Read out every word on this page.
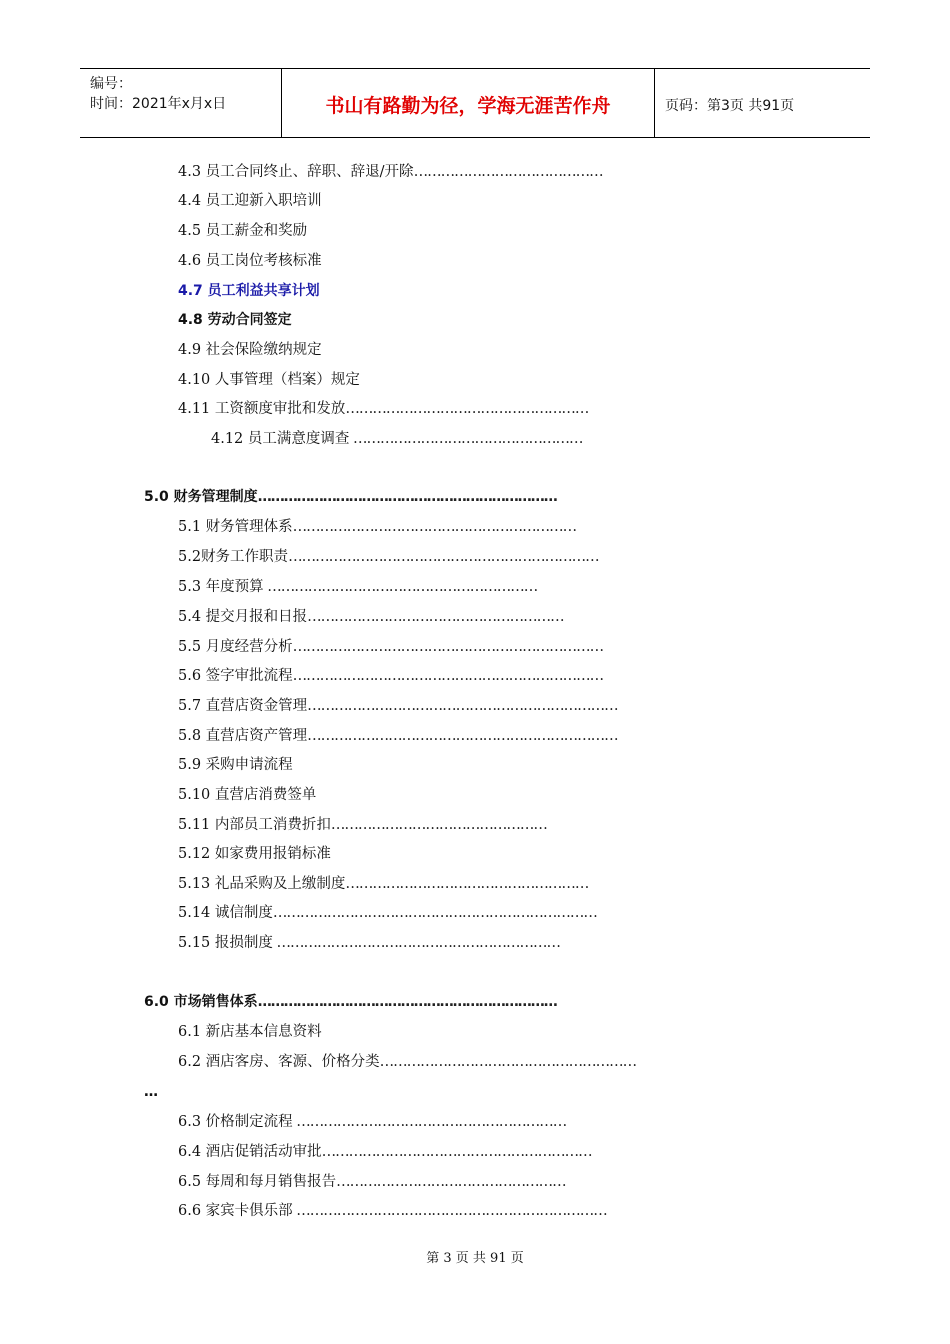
编号：
时间：2021年x月x日	书山有路勤为径，学海无涯苦作舟	页码：第3页 共91页
4.3 员工合同终止、辞职、辞退/开除……………………………………
4.4 员工迎新入职培训
4.5 员工薪金和奖励
4.6 员工岗位考核标准
4.7 员工利益共享计划
4.8 劳动合同签定
4.9 社会保险缴纳规定
4.10 人事管理（档案）规定
4.11 工资额度审批和发放………………………………………………
4.12 员工满意度调查 ……………………………………………
5.0 财务管理制度……………………………………………………………
5.1 财务管理体系………………………………………………………
5.2财务工作职责……………………………………………………………
5.3 年度预算 ……………………………………………………
5.4 提交月报和日报…………………………………………………
5.5 月度经营分析……………………………………………………………
5.6 签字审批流程……………………………………………………………
5.7 直营店资金管理……………………………………………………………
5.8 直营店资产管理……………………………………………………………
5.9 采购申请流程
5.10 直营店消费签单
5.11 内部员工消费折扣…………………………………………
5.12 如家费用报销标准
5.13 礼品采购及上缴制度………………………………………………
5.14 诚信制度………………………………………………………………
5.15 报损制度 ………………………………………………………
6.0 市场销售体系……………………………………………………………
6.1 新店基本信息资料
6.2 酒店客房、客源、价格分类…………………………………………………
…
6.3 价格制定流程 ……………………………………………………
6.4 酒店促销活动审批……………………………………………………
6.5 每周和每月销售报告……………………………………………
6.6 家宾卡俱乐部 ……………………………………………………………
第 3 页 共 91 页
